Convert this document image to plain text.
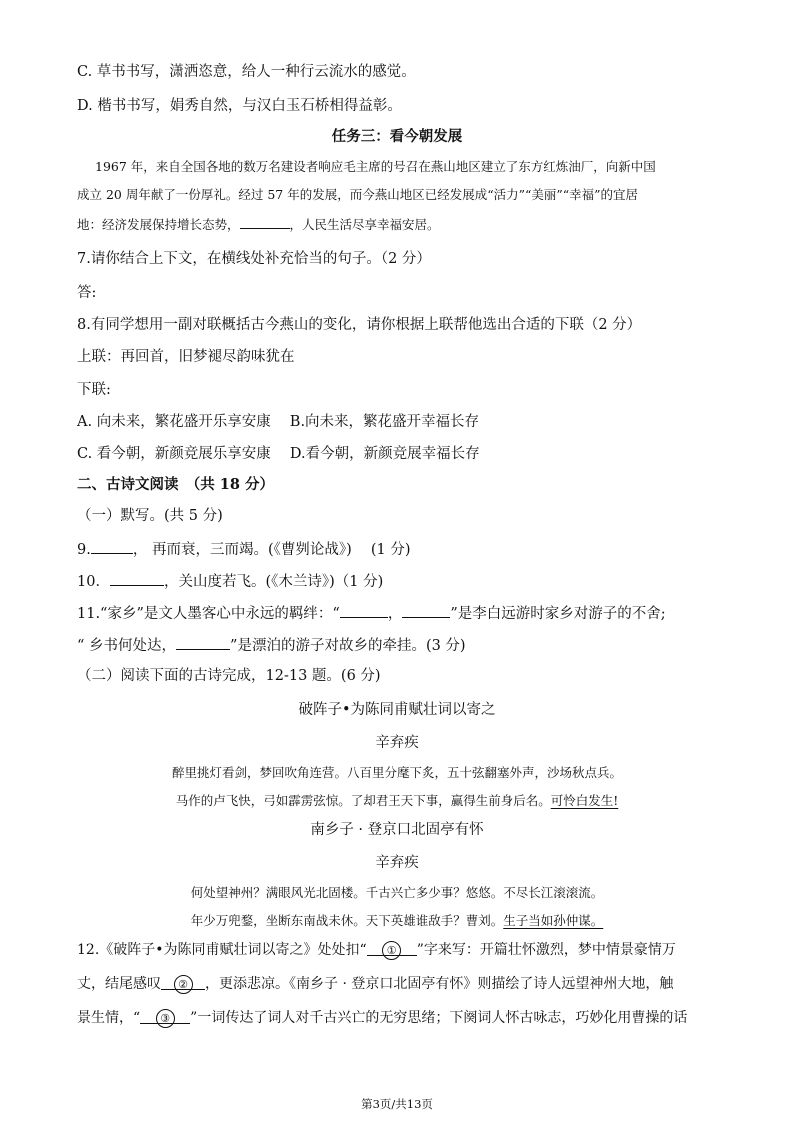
C. 草书书写，潇洒恣意，给人一种行云流水的感觉。
D. 楷书书写，娟秀自然，与汉白玉石桥相得益彰。
任务三：看今朝发展
1967 年，来自全国各地的数万名建设者响应毛主席的号召在燕山地区建立了东方红炼油厂，向新中国
成立 20 周年献了一份厚礼。经过 57 年的发展，而今燕山地区已经发展成“活力”“美丽”“幸福”的宜居
地：经济发展保持增长态势，	，人民生活尽享幸福安居。
7.请你结合上下文，在横线处补充恰当的句子。（2 分）
答:
8.有同学想用一副对联概括古今燕山的变化，请你根据上联帮他选出合适的下联（2 分）
上联：再回首，旧梦褪尽韵味犹在
下联:
A. 向未来，繁花盛开乐享安康　 B.向未来，繁花盛开幸福长存
C. 看今朝，新颜竞展乐享安康　 D.看今朝，新颜竞展幸福长存
二、古诗文阅读　（共 18 分）
（一）默写。(共 5 分)
9.	， 再而衰，三而竭。(《曹刿论战》)　 (1 分)
10．	，关山度若飞。(《木兰诗》)（1 分)
11.“家乡”是文人墨客心中永远的羁绊：“	，	”是李白远游时家乡对游子的不舍;
“ 乡书何处达，	”是漂泊的游子对故乡的牵挂。(3 分)
（二）阅读下面的古诗完成，12-13 题。(6 分)
破阵子•为陈同甫赋壮词以寄之
辛弃疾
醉里挑灯看剑，梦回吹角连营。八百里分麾下炙，五十弦翻塞外声，沙场秋点兵。
马作的卢飞快，弓如霹雳弦惊。了却君王天下事，赢得生前身后名。可怜白发生!
南乡子 · 登京口北固亭有怀
辛弃疾
何处望神州？满眼风光北固楼。千古兴亡多少事？悠悠。不尽长江滚滚流。
年少万兜鍪，坐断东南战未休。天下英雄谁敌手？曹刘。生子当如孙仲谋。
12.《破阵子•为陈同甫赋壮词以寄之》处处扣“ ① ”字来写：开篇壮怀激烈，梦中情景豪情万
丈，结尾感叹 ② ，更添悲凉。《南乡子 · 登京口北固亭有怀》则描绘了诗人远望神州大地，触
景生情，“ ③ ”一词传达了词人对千古兴亡的无穷思绪；下阕词人怀古咏志，巧妙化用曹操的话
第3页/共13页
